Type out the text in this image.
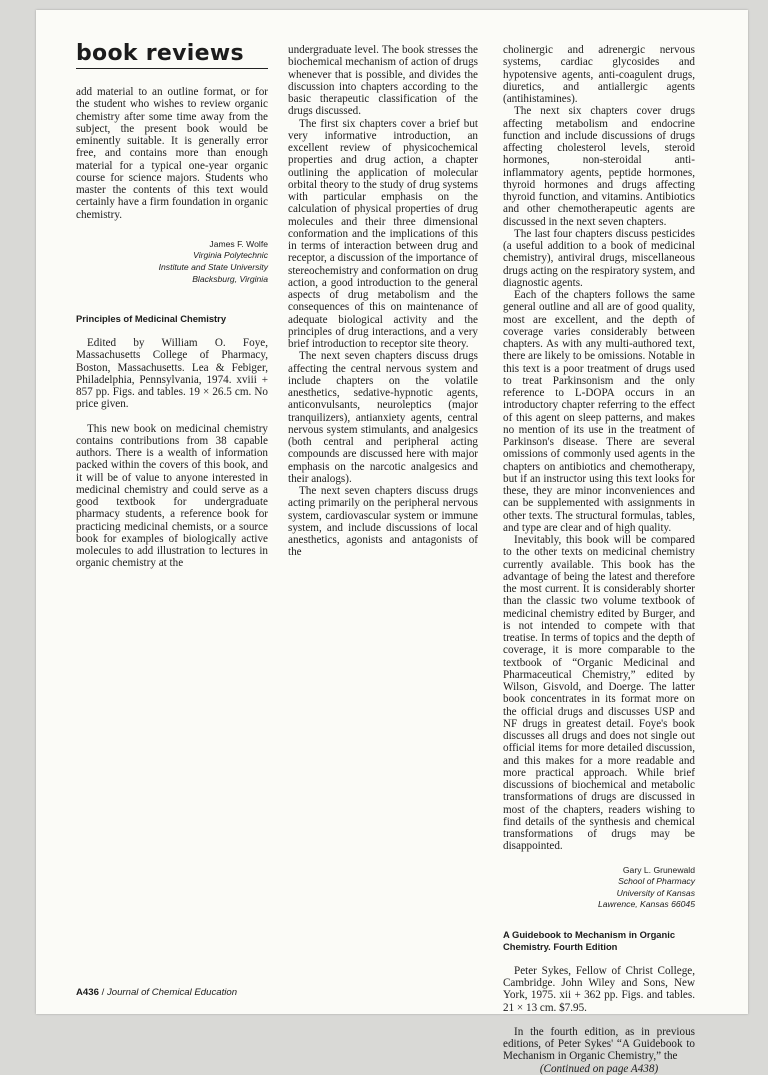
book reviews

add material to an outline format, or for the student who wishes to review organic chemistry after some time away from the subject, the present book would be eminently suitable. It is generally error free, and contains more than enough material for a typical one-year organic course for science majors. Students who master the contents of this text would certainly have a firm foundation in organic chemistry.

James F. Wolfe
Virginia Polytechnic
Institute and State University
Blacksburg, Virginia
Principles of Medicinal Chemistry

Edited by William O. Foye, Massachusetts College of Pharmacy, Boston, Massachusetts. Lea & Febiger, Philadelphia, Pennsylvania, 1974. xviii + 857 pp. Figs. and tables. 19 × 26.5 cm. No price given.

This new book on medicinal chemistry contains contributions from 38 capable authors. There is a wealth of information packed within the covers of this book, and it will be of value to anyone interested in medicinal chemistry and could serve as a good textbook for undergraduate pharmacy students, a reference book for practicing medicinal chemists, or a source book for examples of biologically active molecules to add illustration to lectures in organic chemistry at the

undergraduate level. The book stresses the biochemical mechanism of action of drugs whenever that is possible, and divides the discussion into chapters according to the basic therapeutic classification of the drugs discussed.

The first six chapters cover a brief but very informative introduction, an excellent review of physicochemical properties and drug action, a chapter outlining the application of molecular orbital theory to the study of drug systems with particular emphasis on the calculation of physical properties of drug molecules and their three dimensional conformation and the implications of this in terms of interaction between drug and receptor, a discussion of the importance of stereochemistry and conformation on drug action, a good introduction to the general aspects of drug metabolism and the consequences of this on maintenance of adequate biological activity and the principles of drug interactions, and a very brief introduction to receptor site theory.

The next seven chapters discuss drugs affecting the central nervous system and include chapters on the volatile anesthetics, sedative-hypnotic agents, anticonvulsants, neuroleptics (major tranquilizers), antianxiety agents, central nervous system stimulants, and analgesics (both central and peripheral acting compounds are discussed here with major emphasis on the narcotic analgesics and their analogs).

The next seven chapters discuss drugs acting primarily on the peripheral nervous system, cardiovascular system or immune system, and include discussions of local anesthetics, agonists and antagonists of the

cholinergic and adrenergic nervous systems, cardiac glycosides and hypotensive agents, anti-coagulent drugs, diuretics, and antiallergic agents (antihistamines).

The next six chapters cover drugs affecting metabolism and endocrine function and include discussions of drugs affecting cholesterol levels, steroid hormones, non-steroidal anti-inflammatory agents, peptide hormones, thyroid hormones and drugs affecting thyroid function, and vitamins. Antibiotics and other chemotherapeutic agents are discussed in the next seven chapters.

The last four chapters discuss pesticides (a useful addition to a book of medicinal chemistry), antiviral drugs, miscellaneous drugs acting on the respiratory system, and diagnostic agents.

Each of the chapters follows the same general outline and all are of good quality, most are excellent, and the depth of coverage varies considerably between chapters. As with any multi-authored text, there are likely to be omissions. Notable in this text is a poor treatment of drugs used to treat Parkinsonism and the only reference to L-DOPA occurs in an introductory chapter referring to the effect of this agent on sleep patterns, and makes no mention of its use in the treatment of Parkinson's disease. There are several omissions of commonly used agents in the chapters on antibiotics and chemotherapy, but if an instructor using this text looks for these, they are minor inconveniences and can be supplemented with assignments in other texts. The structural formulas, tables, and type are clear and of high quality.

Inevitably, this book will be compared to the other texts on medicinal chemistry currently available. This book has the advantage of being the latest and therefore the most current. It is considerably shorter than the classic two volume textbook of medicinal chemistry edited by Burger, and is not intended to compete with that treatise. In terms of topics and the depth of coverage, it is more comparable to the textbook of “Organic Medicinal and Pharmaceutical Chemistry,” edited by Wilson, Gisvold, and Doerge. The latter book concentrates in its format more on the official drugs and discusses USP and NF drugs in greatest detail. Foye's book discusses all drugs and does not single out official items for more detailed discussion, and this makes for a more readable and more practical approach. While brief discussions of biochemical and metabolic transformations of drugs are discussed in most of the chapters, readers wishing to find details of the synthesis and chemical transformations of drugs may be disappointed.

Gary L. Grunewald
School of Pharmacy
University of Kansas
Lawrence, Kansas 66045
A Guidebook to Mechanism in Organic Chemistry. Fourth Edition

Peter Sykes, Fellow of Christ College, Cambridge. John Wiley and Sons, New York, 1975. xii + 362 pp. Figs. and tables. 21 × 13 cm. $7.95.

In the fourth edition, as in previous editions, of Peter Sykes' “A Guidebook to Mechanism in Organic Chemistry,” the

(Continued on page A438)

A436 / Journal of Chemical Education
